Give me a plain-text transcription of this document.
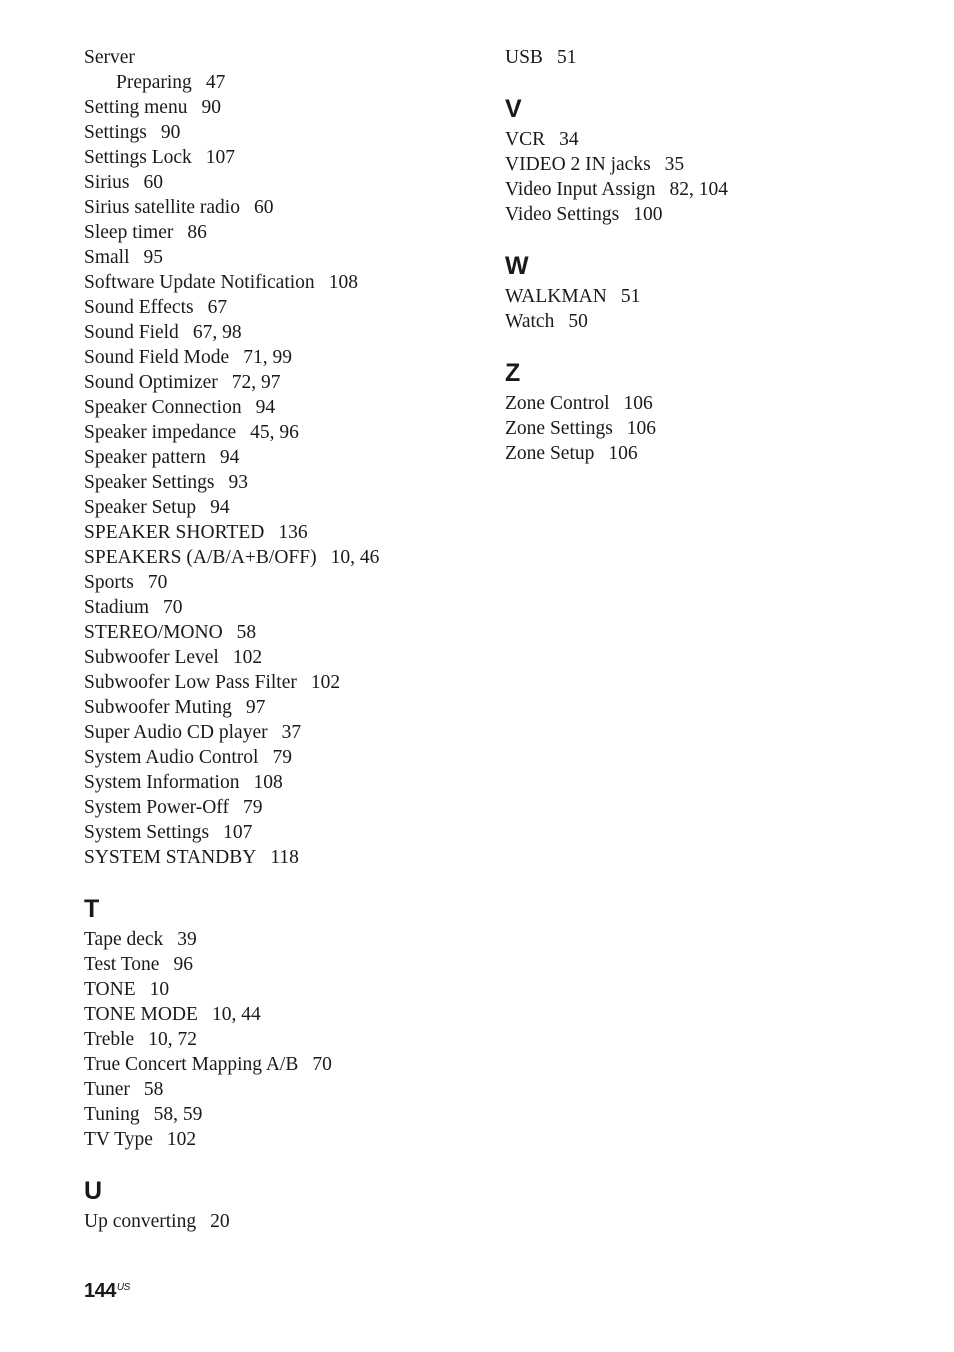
Server
Preparing 47
Setting menu 90
Settings 90
Settings Lock 107
Sirius 60
Sirius satellite radio 60
Sleep timer 86
Small 95
Software Update Notification 108
Sound Effects 67
Sound Field 67, 98
Sound Field Mode 71, 99
Sound Optimizer 72, 97
Speaker Connection 94
Speaker impedance 45, 96
Speaker pattern 94
Speaker Settings 93
Speaker Setup 94
SPEAKER SHORTED 136
SPEAKERS (A/B/A+B/OFF) 10, 46
Sports 70
Stadium 70
STEREO/MONO 58
Subwoofer Level 102
Subwoofer Low Pass Filter 102
Subwoofer Muting 97
Super Audio CD player 37
System Audio Control 79
System Information 108
System Power-Off 79
System Settings 107
SYSTEM STANDBY 118
T
Tape deck 39
Test Tone 96
TONE 10
TONE MODE 10, 44
Treble 10, 72
True Concert Mapping A/B 70
Tuner 58
Tuning 58, 59
TV Type 102
U
Up converting 20
USB 51
V
VCR 34
VIDEO 2 IN jacks 35
Video Input Assign 82, 104
Video Settings 100
W
WALKMAN 51
Watch 50
Z
Zone Control 106
Zone Settings 106
Zone Setup 106
$144^{US}$
